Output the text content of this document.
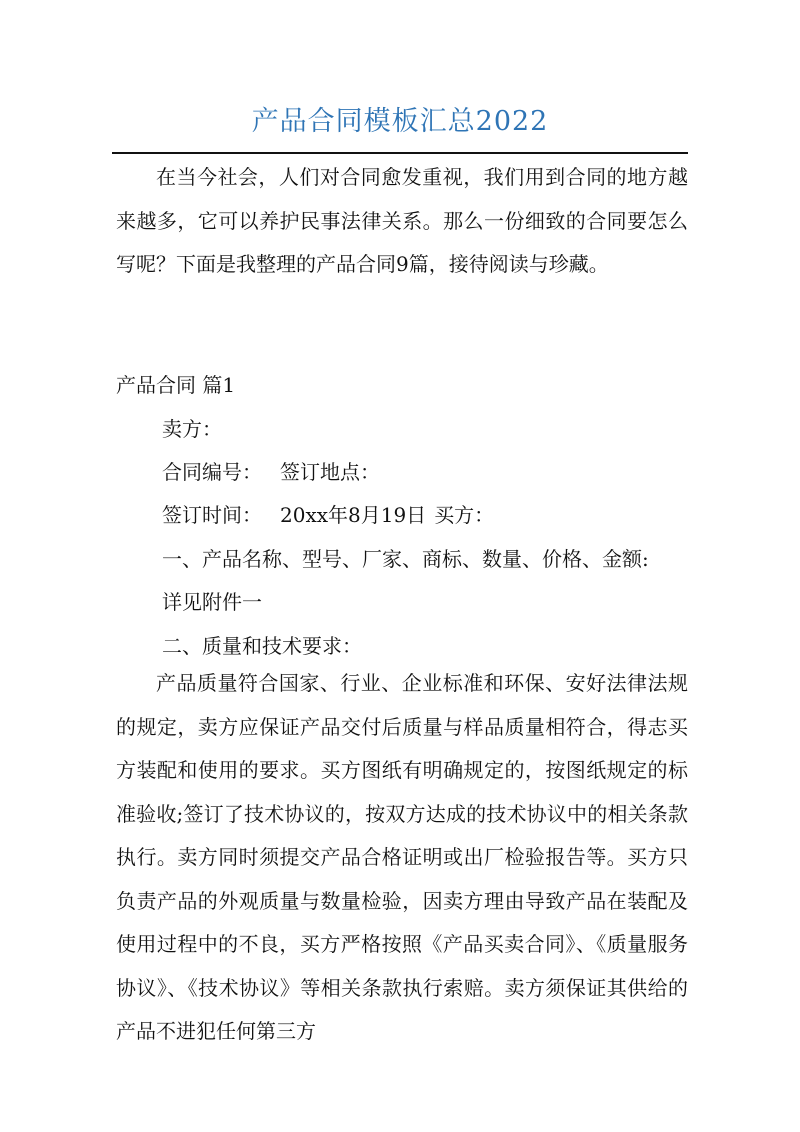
产品合同模板汇总2022

在当今社会，人们对合同愈发重视，我们用到合同的地方越来越多，它可以养护民事法律关系。那么一份细致的合同要怎么写呢？下面是我整理的产品合同9篇，接待阅读与珍藏。

产品合同 篇1
卖方：
合同编号： 签订地点：
签订时间： 20xx年8月19日 买方：
一、产品名称、型号、厂家、商标、数量、价格、金额:
详见附件一
二、质量和技术要求：

产品质量符合国家、行业、企业标准和环保、安好法律法规的规定，卖方应保证产品交付后质量与样品质量相符合，得志买方装配和使用的要求。买方图纸有明确规定的，按图纸规定的标准验收;签订了技术协议的，按双方达成的技术协议中的相关条款执行。卖方同时须提交产品合格证明或出厂检验报告等。买方只负责产品的外观质量与数量检验，因卖方理由导致产品在装配及使用过程中的不良，买方严格按照《产品买卖合同》、《质量服务协议》、《技术协议》等相关条款执行索赔。卖方须保证其供给的产品不进犯任何第三方
